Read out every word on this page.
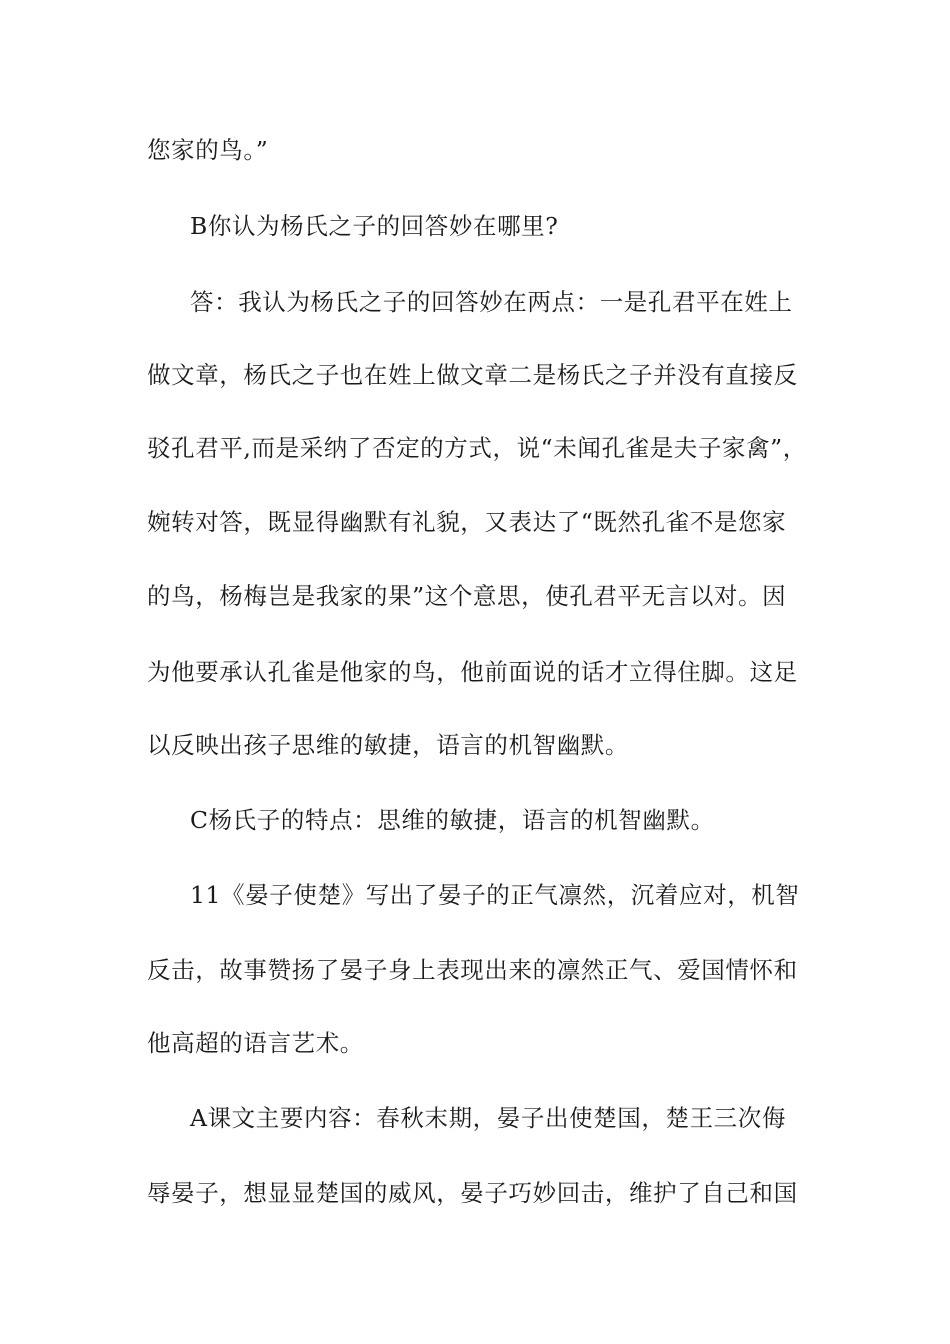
您家的鸟。”
B你认为杨氏之子的回答妙在哪里?
答：我认为杨氏之子的回答妙在两点：一是孔君平在姓上
做文章，杨氏之子也在姓上做文章二是杨氏之子并没有直接反
驳孔君平,而是采纳了否定的方式，说“未闻孔雀是夫子家禽”，
婉转对答，既显得幽默有礼貌，又表达了“既然孔雀不是您家
的鸟，杨梅岂是我家的果”这个意思，使孔君平无言以对。因
为他要承认孔雀是他家的鸟，他前面说的话才立得住脚。这足
以反映出孩子思维的敏捷，语言的机智幽默。
C杨氏子的特点：思维的敏捷，语言的机智幽默。
11《晏子使楚》写出了晏子的正气凛然，沉着应对，机智
反击，故事赞扬了晏子身上表现出来的凛然正气、爱国情怀和
他高超的语言艺术。
A课文主要内容：春秋末期，晏子出使楚国，楚王三次侮
辱晏子，想显显楚国的威风，晏子巧妙回击，维护了自己和国
